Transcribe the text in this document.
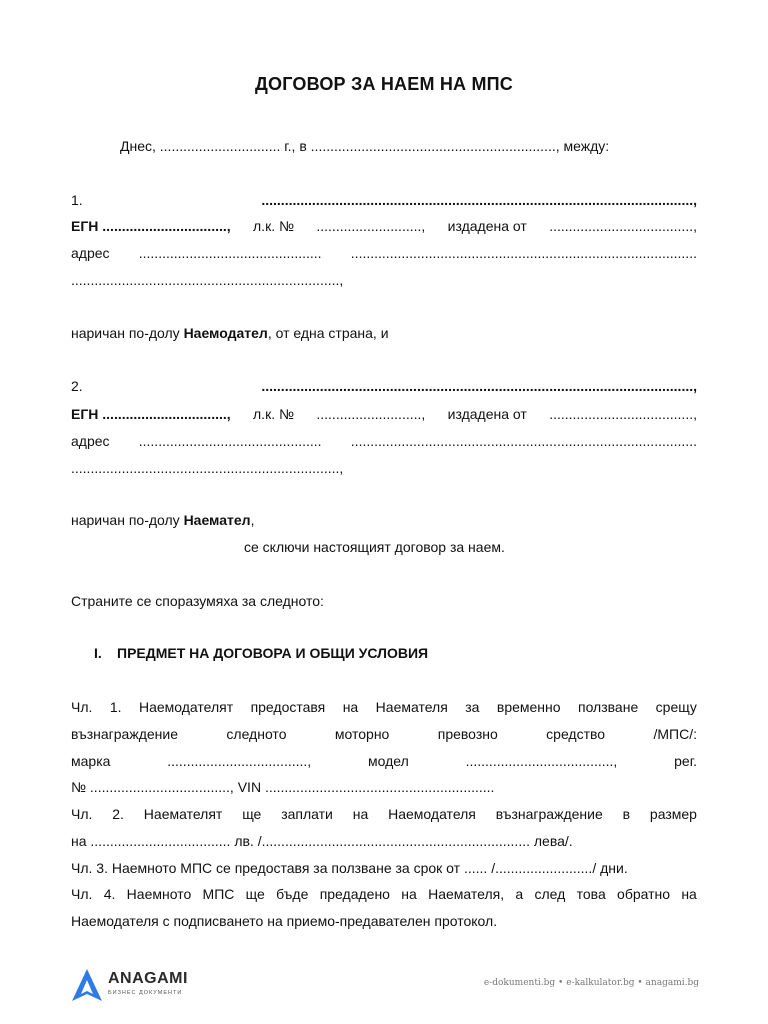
ДОГОВОР ЗА НАЕМ НА МПС
Днес, ............................... г., в ..............................................................., между:
1.	...............................................................................................................,
ЕГН ................................, л.к. № ..........................., издадена от .....................................,
адрес ............................................... .........................................................................................
.....................................................................,
наричан по-долу Наемодател, от една страна, и
2.	...............................................................................................................,
ЕГН ................................, л.к. № ..........................., издадена от .....................................,
адрес ............................................... .........................................................................................
.....................................................................,
наричан по-долу Наемател,
се сключи настоящият договор за наем.
Страните се споразумяха за следното:
I. ПРЕДМЕТ НА ДОГОВОРА И ОБЩИ УСЛОВИЯ
Чл. 1. Наемодателят предоставя на Наемателя за временно ползване срещу
възнаграждение	следното	моторно	превозно	средство	/МПС/:
марка	....................................,	модел	......................................,	рег.
№ ...................................., VIN ...........................................................
Чл. 2. Наемателят ще заплати на Наемодателя възнаграждение в размер
на .................................... лв. /..................................................................... лева/.
Чл. 3. Наемното МПС се предоставя за ползване за срок от ...... /........................./ дни.
Чл. 4. Наемното МПС ще бъде предадено на Наемателя, а след това обратно на
Наемодателя с подписването на приемо-предавателен протокол.
ANAGAMI
БИЗНЕС ДОКУМЕНТИ
e-dokumenti.bg • e-kalkulator.bg • anagami.bg
